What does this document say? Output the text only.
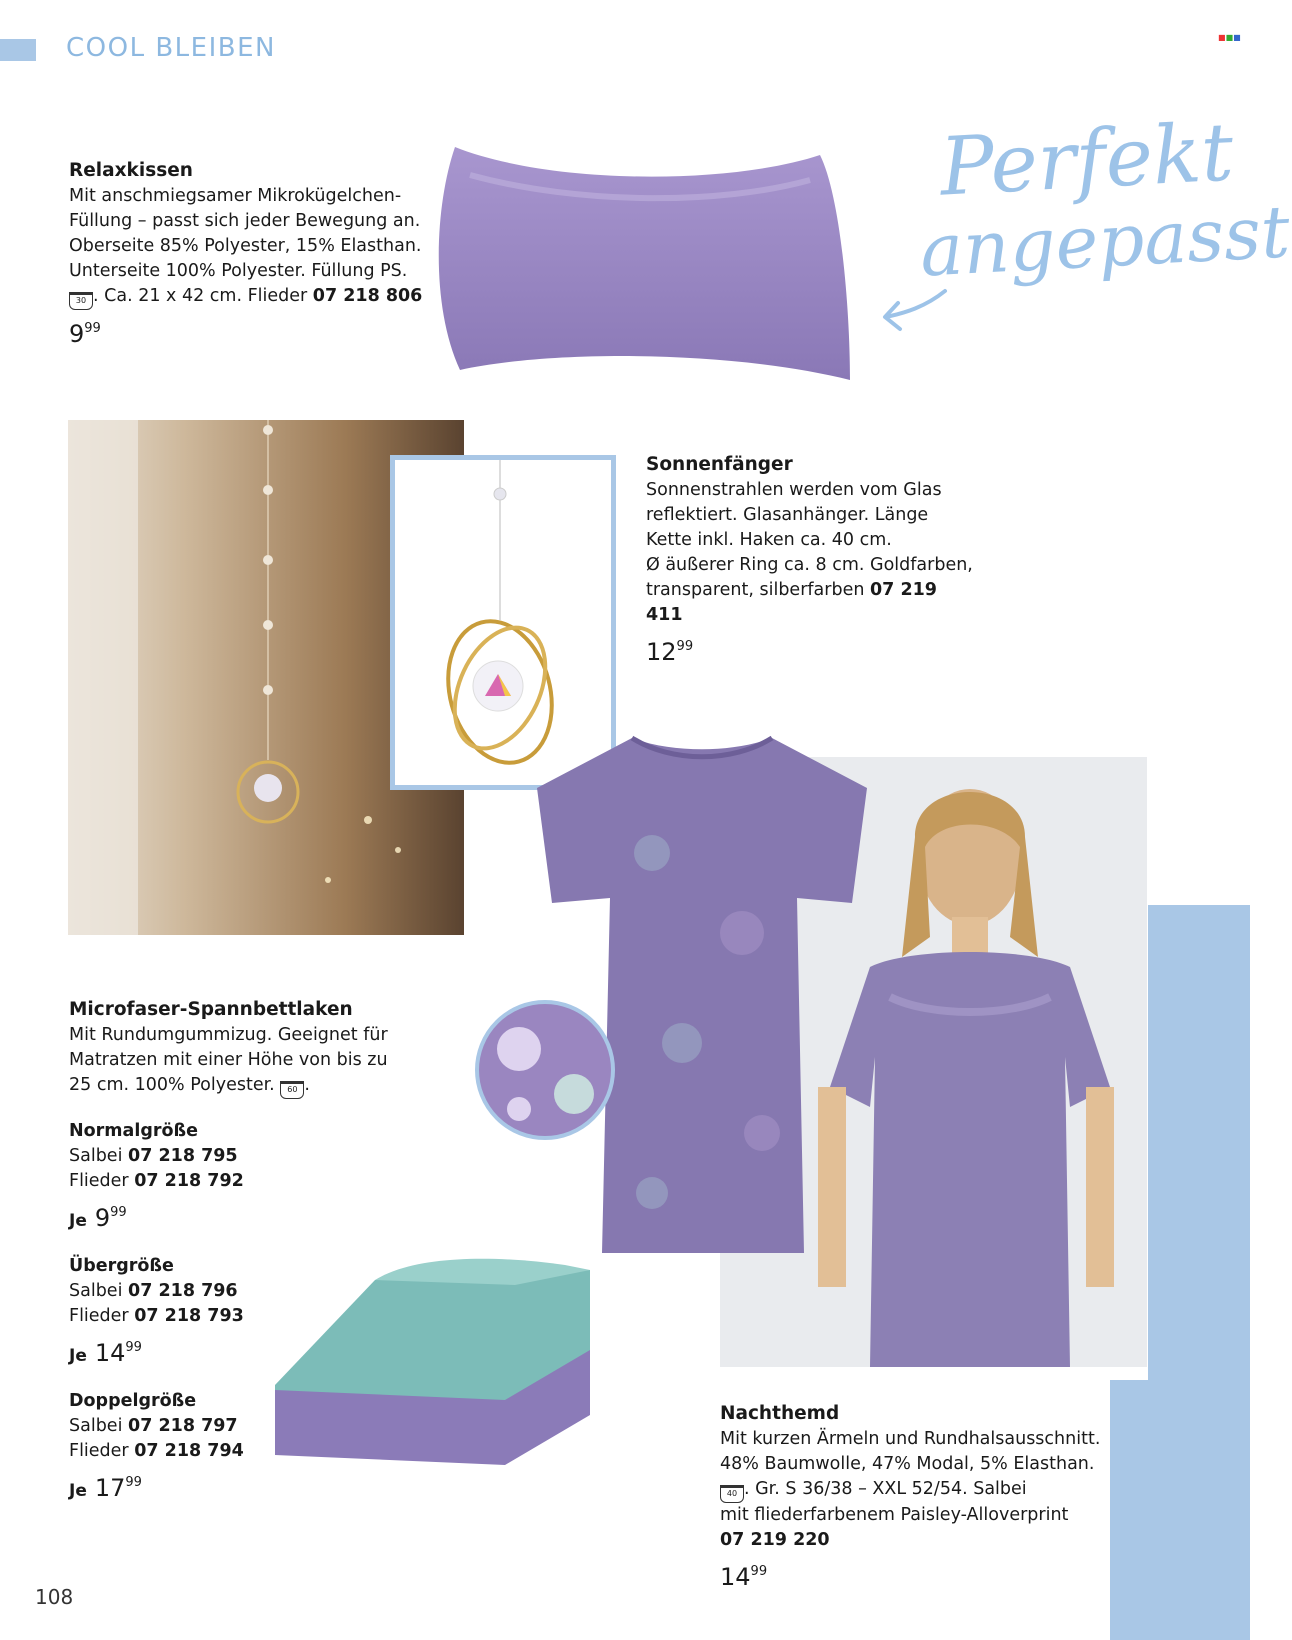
COOL BLEIBEN	■■■
Perfekt
angepasst
Relaxkissen

Mit anschmiegsamer Mikrokügelchen-

Füllung – passt sich jeder Bewegung an.

Oberseite 85% Polyester, 15% Elasthan.

Unterseite 100% Polyester. Füllung PS.

30 . Ca. 21 x 42 cm. Flieder 07 218 806

$9^{99}$
Sonnenfänger

Sonnenstrahlen werden vom Glas

reflektiert. Glasanhänger. Länge

Kette inkl. Haken ca. 40 cm.

Ø äußerer Ring ca. 8 cm. Goldfarben,

transparent, silberfarben 07 219 411

$12^{99}$
Microfaser-Spannbettlaken

Mit Rundumgummizug. Geeignet für

Matratzen mit einer Höhe von bis zu

25 cm. 100% Polyester. 60 .

Normalgröße

Salbei 07 218 795

Flieder 07 218 792

Je $9^{99}$

Übergröße

Salbei 07 218 796

Flieder 07 218 793

Je $14^{99}$

Doppelgröße

Salbei 07 218 797

Flieder 07 218 794

Je $17^{99}$
Nachthemd

Mit kurzen Ärmeln und Rundhalsausschnitt.

48% Baumwolle, 47% Modal, 5% Elasthan.

40 . Gr. S 36/38 – XXL 52/54. Salbei

mit fliederfarbenem Paisley-Alloverprint

07 219 220

$14^{99}$
108
